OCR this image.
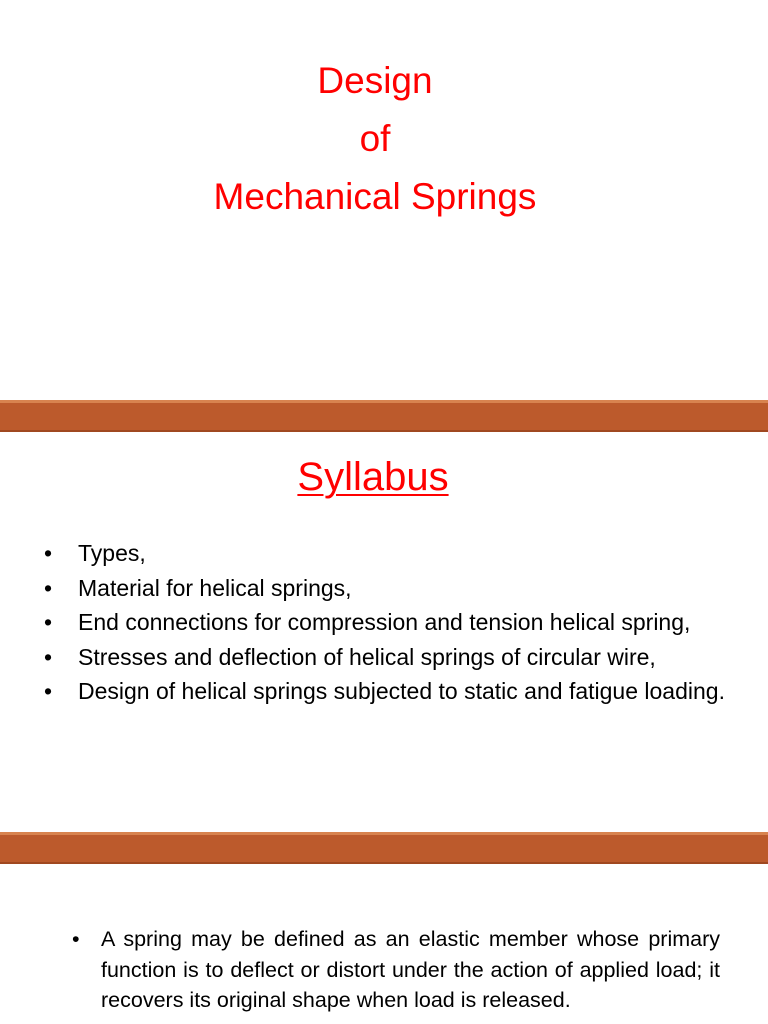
Design
of
Mechanical Springs
Syllabus
•	Types,
•	Material for helical springs,
•	End connections for compression and tension helical spring,
•	Stresses and deflection of helical springs of circular wire,
•	Design of helical springs subjected to static and fatigue loading.
• A spring may be defined as an elastic member whose primary function is to deflect or distort under the action of applied load; it recovers its original shape when load is released.
